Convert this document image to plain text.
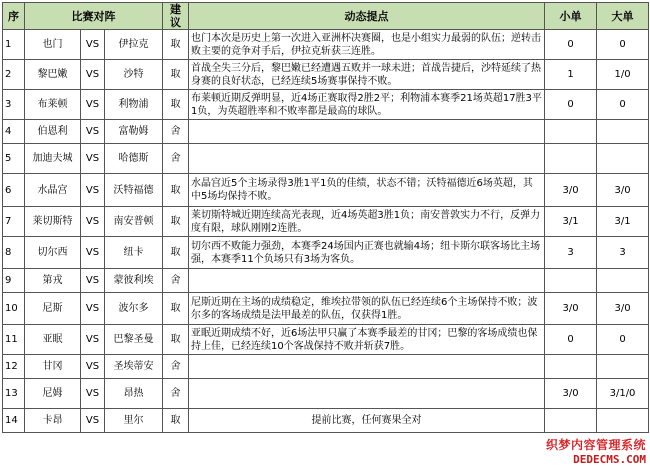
序	比赛对阵			建议	动态提点	小单	大单
1	也门	VS	伊拉克	取	也门本次是历史上第一次进入亚洲杯决赛圈，也是小组实力最弱的队伍；逆转击败主要的竞争对手后，伊拉克斩获三连胜。	0	0
2	黎巴嫩	VS	沙特	取	首战全失三分后，黎巴嫩已经遭遇五败并一球未进；首战告捷后，沙特延续了热身赛的良好状态，已经连续5场赛事保持不败。	1	1/0
3	布莱顿	VS	利物浦	取	布莱顿近期反弹明显，近4场正赛取得2胜2平；利物浦本赛季21场英超17胜3平1负，为英超胜率和不败率都是最高的球队。	0	0
4	伯恩利	VS	富勒姆	舍			
5	加迪夫城	VS	哈德斯	舍			
6	水晶宫	VS	沃特福德	取	水晶宫近5个主场录得3胜1平1负的佳绩，状态不错；沃特福德近6场英超，其中5场均保持不败。	3/0	3/0
7	莱切斯特	VS	南安普顿	取	莱切斯特城近期连续高光表现，近4场英超3胜1负；南安普敦实力不行，反弹力度有限，球队刚刚2连胜。	3/1	3/1
8	切尔西	VS	纽卡	取	切尔西不败能力强劲，本赛季24场国内正赛也就输4场；纽卡斯尔联客场比主场强，本赛季11个负场只有3场为客负。	3	3
9	第戎	VS	蒙彼利埃	舍			
10	尼斯	VS	波尔多	取	尼斯近期在主场的成绩稳定，维埃拉带领的队伍已经连续6个主场保持不败；波尔多的客场成绩是法甲最差的队伍，仅获得1胜。	3/0	3/0
11	亚眠	VS	巴黎圣曼	取	亚眠近期成绩不好，近6场法甲只赢了本赛季最差的甘冈；巴黎的客场成绩也保持上佳，已经连续10个客战保持不败并斩获7胜。	0	0
12	甘冈	VS	圣埃蒂安	舍			
13	尼姆	VS	昂热	舍		3/0	3/1/0
14	卡昂	VS	里尔	取	提前比赛，任何赛果全对		
织梦内容管理系统
DEDECMS.COM
